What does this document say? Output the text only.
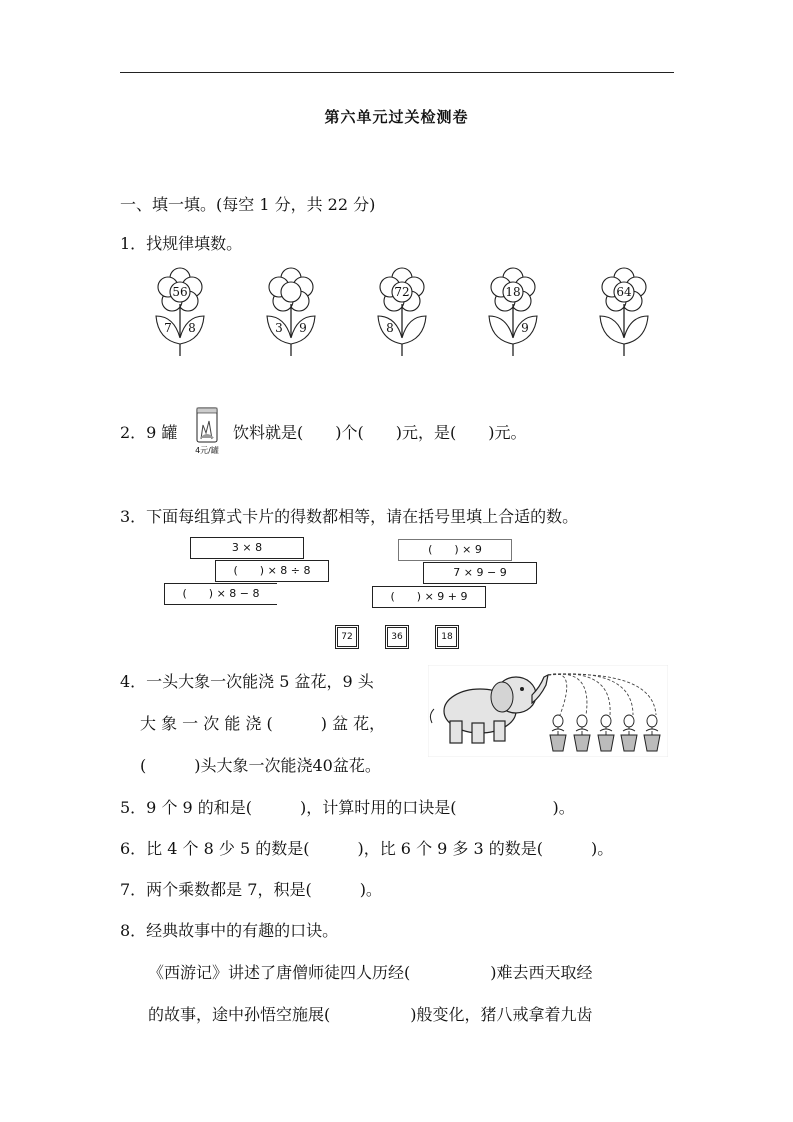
第六单元过关检测卷
一、填一填。(每空 1 分，共 22 分)
1．找规律填数。
56
7 8	3 9
72
8
18
9
64
2．9 罐
4元/罐
饮料就是(　　)个(　　)元，是(　　)元。
3．下面每组算式卡片的得数都相等，请在括号里填上合适的数。
3 × 8
(　　) × 8 ÷ 8
(　　) × 8 − 8
(　　) × 9
7 × 9 − 9
(　　) × 9 + 9
72	36	18
4．一头大象一次能浇 5 盆花，9 头
大 象 一 次 能 浇 (　　　) 盆 花，
(　　　)头大象一次能浇40盆花。
5．9 个 9 的和是(　　　)，计算时用的口诀是(　　　　　　)。
6．比 4 个 8 少 5 的数是(　　　)，比 6 个 9 多 3 的数是(　　　)。
7．两个乘数都是 7，积是(　　　)。
8．经典故事中的有趣的口诀。
《西游记》讲述了唐僧师徒四人历经(　　　　　)难去西天取经
的故事，途中孙悟空施展(　　　　　)般变化，猪八戒拿着九齿
